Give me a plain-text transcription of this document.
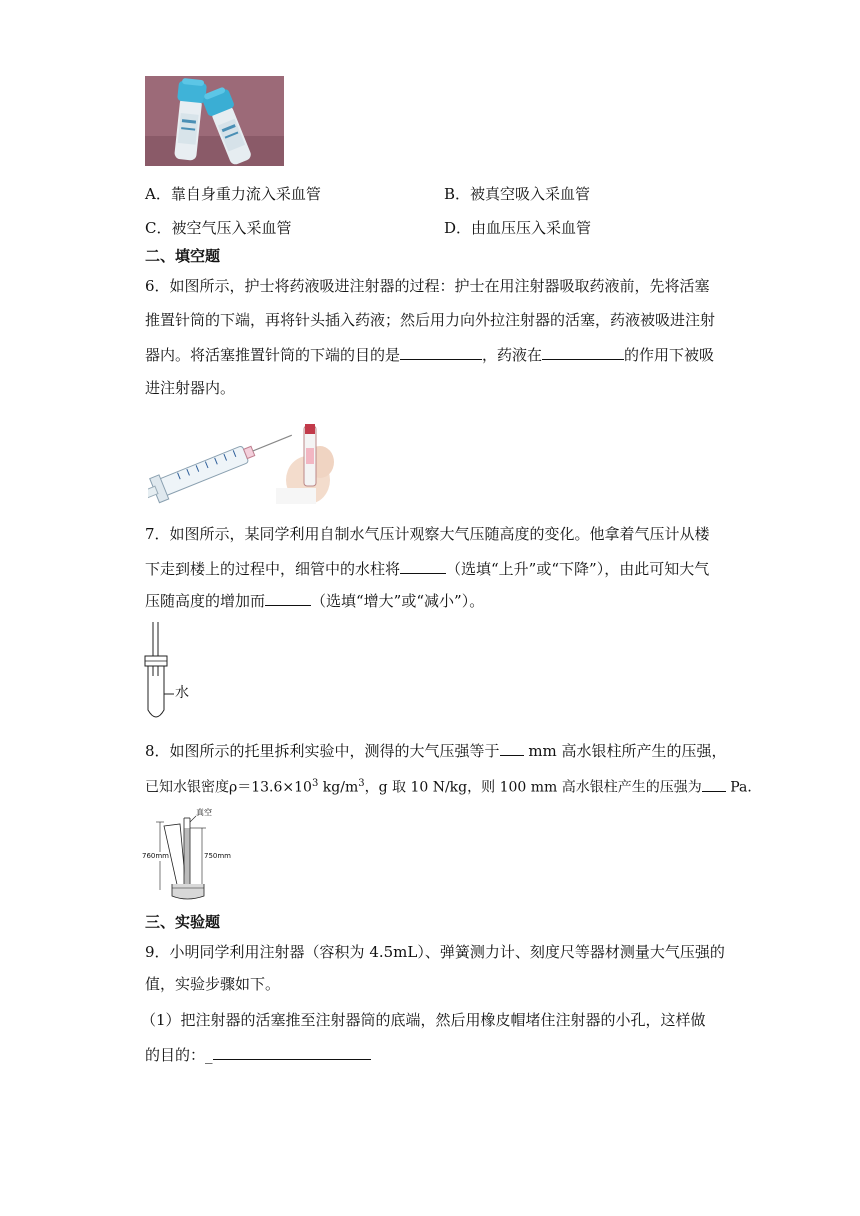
A．靠自身重力流入采血管	B．被真空吸入采血管
C．被空气压入采血管	D．由血压压入采血管
二、填空题
6．如图所示，护士将药液吸进注射器的过程：护士在用注射器吸取药液前，先将活塞
推置针筒的下端，再将针头插入药液；然后用力向外拉注射器的活塞，药液被吸进注射
器内。将活塞推置针筒的下端的目的是	，药液在	的作用下被吸
进注射器内。
7．如图所示，某同学利用自制水气压计观察大气压随高度的变化。他拿着气压计从楼
下走到楼上的过程中，细管中的水柱将	（选填“上升”或“下降”），由此可知大气
压随高度的增加而	（选填“增大”或“减小”）。
水
8．如图所示的托里拆利实验中，测得的大气压强等于 mm 高水银柱所产生的压强，
已知水银密度$\rho=13.6\times 10^3$ $kg/m^3$，g 取 10 N/kg，则 100 mm 高水银柱产生的压强为 Pa．
真空
760mm	750mm
三、实验题
9．小明同学利用注射器（容积为 4.5mL）、弹簧测力计、刻度尺等器材测量大气压强的
值，实验步骤如下。
（1）把注射器的活塞推至注射器筒的底端，然后用橡皮帽堵住注射器的小孔，这样做
的目的：_
